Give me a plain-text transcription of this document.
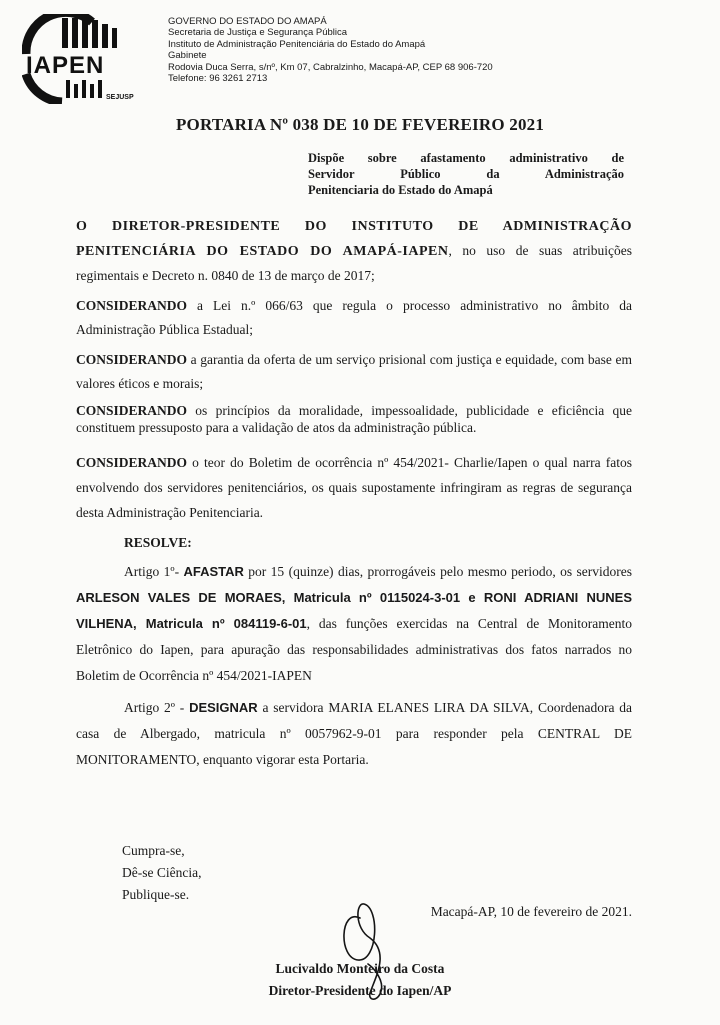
IAPEN
SEJUSP
GOVERNO DO ESTADO DO AMAPÁ
Secretaria de Justiça e Segurança Pública
Instituto de Administração Penitenciária do Estado do Amapá
Gabinete
Rodovia Duca Serra, s/nº, Km 07, Cabralzinho, Macapá-AP, CEP 68 906-720
Telefone: 96 3261 2713
PORTARIA Nº 038 DE 10 DE FEVEREIRO 2021
Dispõe sobre afastamento administrativo de
Servidor Público da Administração
Penitenciaria do Estado do Amapá

O DIRETOR-PRESIDENTE DO INSTITUTO DE ADMINISTRAÇÃO PENITENCIÁRIA DO ESTADO DO AMAPÁ-IAPEN, no uso de suas atribuições regimentais e Decreto n. 0840 de 13 de março de 2017;

CONSIDERANDO a Lei n.º 066/63 que regula o processo administrativo no âmbito da Administração Pública Estadual;

CONSIDERANDO a garantia da oferta de um serviço prisional com justiça e equidade, com base em valores éticos e morais;

CONSIDERANDO os princípios da moralidade, impessoalidade, publicidade e eficiência que constituem pressuposto para a validação de atos da administração pública.

CONSIDERANDO o teor do Boletim de ocorrência nº 454/2021- Charlie/Iapen o qual narra fatos envolvendo dos servidores penitenciários, os quais supostamente infringiram as regras de segurança desta Administração Penitenciaria.

RESOLVE:

Artigo 1º- AFASTAR por 15 (quinze) dias, prorrogáveis pelo mesmo periodo, os servidores ARLESON VALES DE MORAES, Matricula nº 0115024-3-01 e RONI ADRIANI NUNES VILHENA, Matricula nº 084119-6-01, das funções exercidas na Central de Monitoramento Eletrônico do Iapen, para apuração das responsabilidades administrativas dos fatos narrados no Boletim de Ocorrência nº 454/2021-IAPEN

Artigo 2º - DESIGNAR a servidora MARIA ELANES LIRA DA SILVA, Coordenadora da casa de Albergado, matricula nº 0057962-9-01 para responder pela CENTRAL DE MONITORAMENTO, enquanto vigorar esta Portaria.

Cumpra-se,
Dê-se Ciência,
Publique-se.
Macapá-AP, 10 de fevereiro de 2021.
Lucivaldo Monteiro da Costa
Diretor-Presidente do Iapen/AP
